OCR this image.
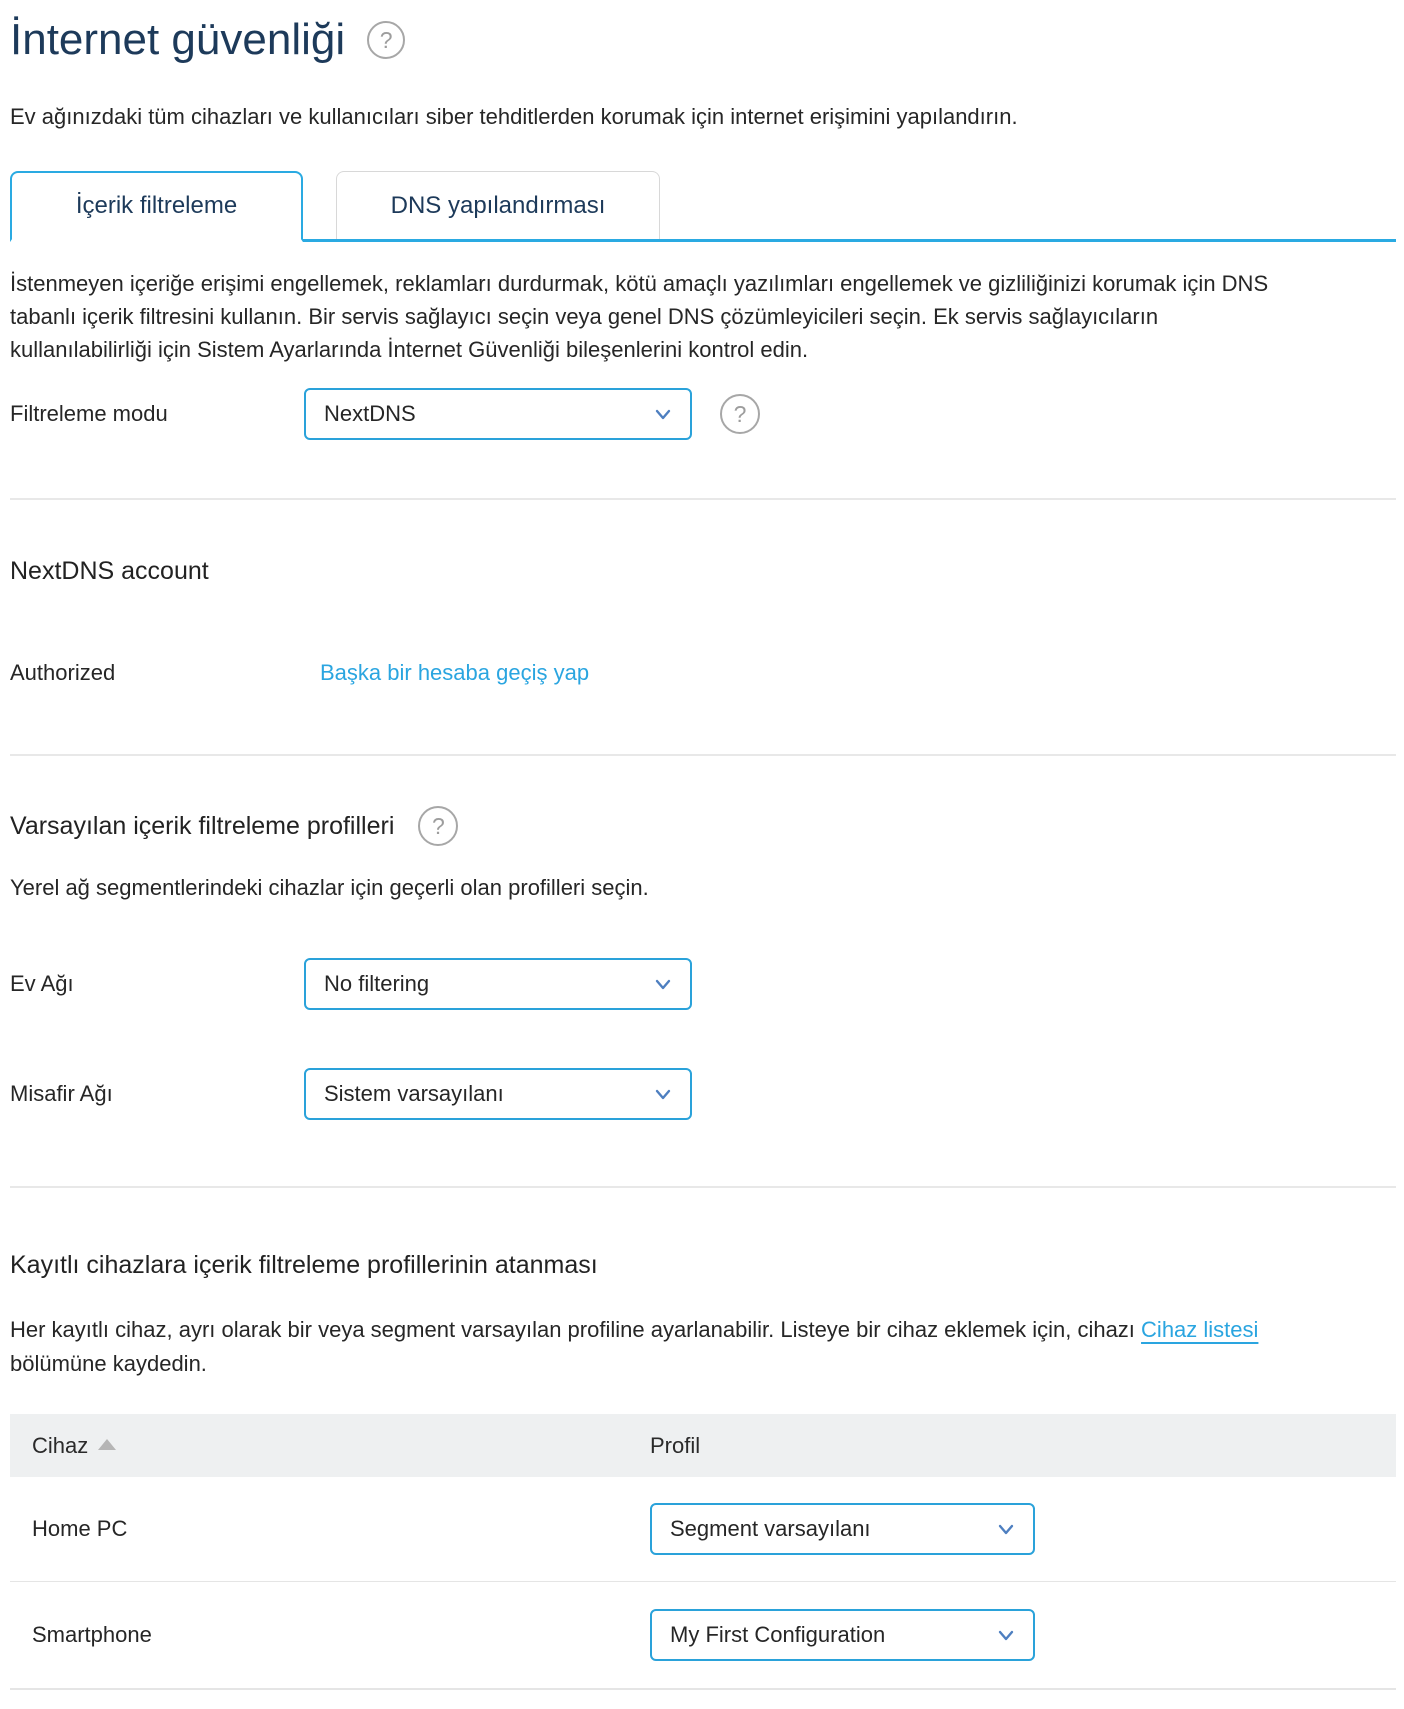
İnternet güvenliği	?

Ev ağınızdaki tüm cihazları ve kullanıcıları siber tehditlerden korumak için internet erişimini yapılandırın.

İçerik filtreleme	DNS yapılandırması

İstenmeyen içeriğe erişimi engellemek, reklamları durdurmak, kötü amaçlı yazılımları engellemek ve gizliliğinizi korumak için DNS tabanlı içerik filtresini kullanın. Bir servis sağlayıcı seçin veya genel DNS çözümleyicileri seçin. Ek servis sağlayıcıların kullanılabilirliği için Sistem Ayarlarında İnternet Güvenliği bileşenlerini kontrol edin.

Filtreleme modu	NextDNS	?
NextDNS account
Authorized	Başka bir hesaba geçiş yap
Varsayılan içerik filtreleme profilleri	?

Yerel ağ segmentlerindeki cihazlar için geçerli olan profilleri seçin.

Ev Ağı	No filtering
Misafir Ağı	Sistem varsayılanı
Kayıtlı cihazlara içerik filtreleme profillerinin atanması

Her kayıtlı cihaz, ayrı olarak bir veya segment varsayılan profiline ayarlanabilir. Listeye bir cihaz eklemek için, cihazı Cihaz listesi bölümüne kaydedin.

Cihaz	Profil
Home PC	Segment varsayılanı
Smartphone	My First Configuration
